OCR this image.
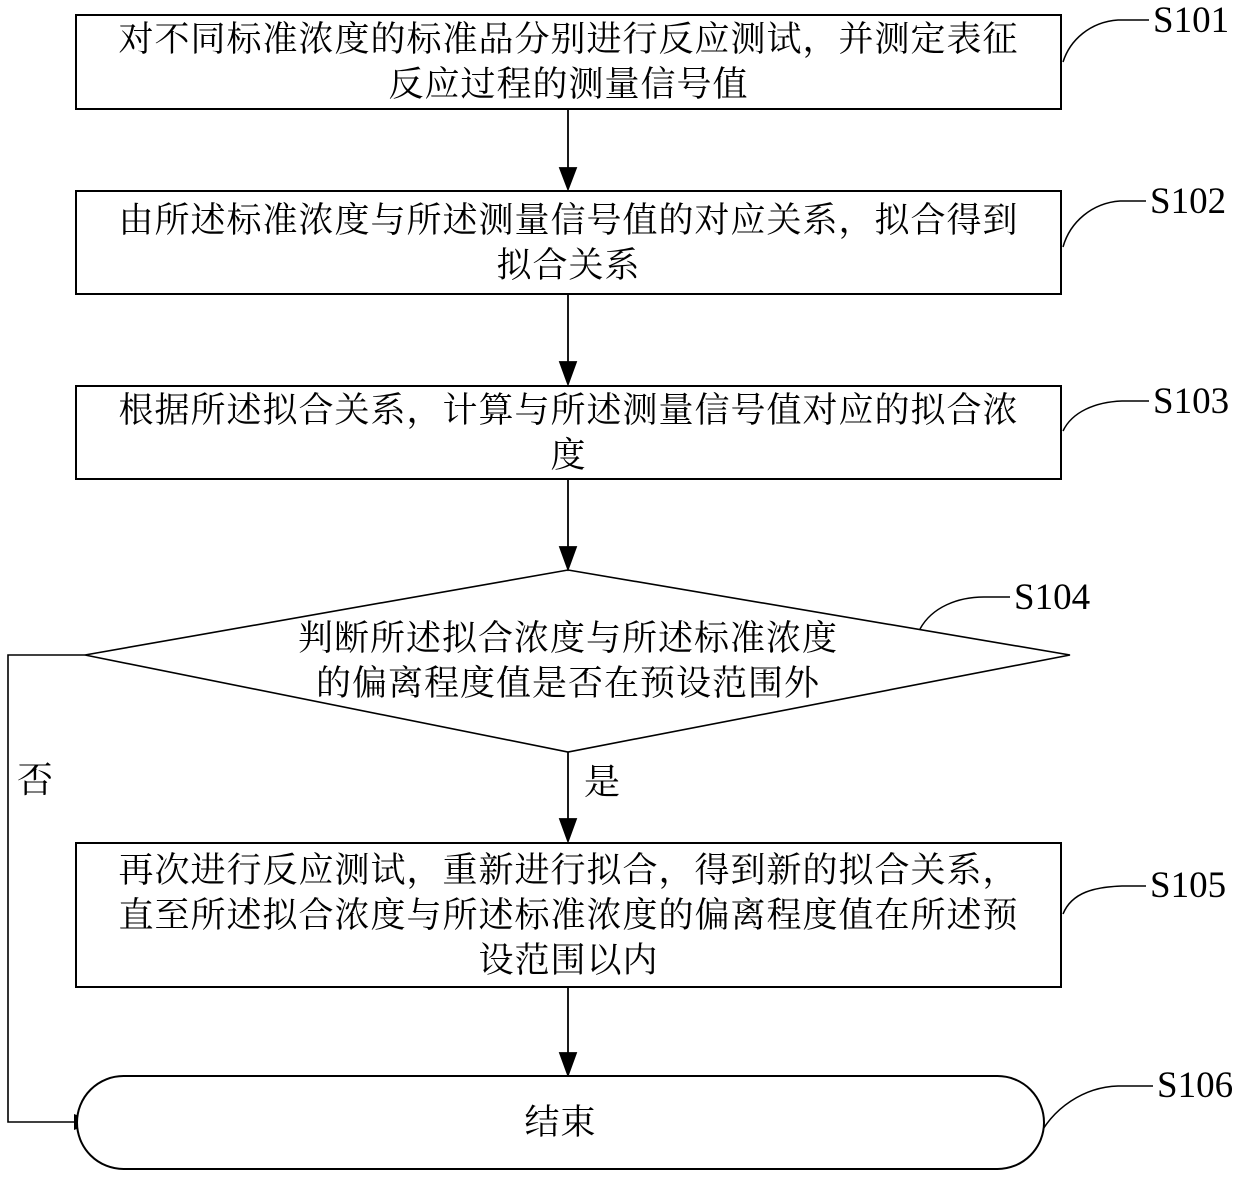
对不同标准浓度的标准品分别进行反应测试，并测定表征
反应过程的测量信号值
由所述标准浓度与所述测量信号值的对应关系，拟合得到
拟合关系
根据所述拟合关系，计算与所述测量信号值对应的拟合浓
度
判断所述拟合浓度与所述标准浓度
的偏离程度值是否在预设范围外
再次进行反应测试，重新进行拟合，得到新的拟合关系，
直至所述拟合浓度与所述标准浓度的偏离程度值在所述预
设范围以内
结束
S101
S102
S103
S104
S105
S106
否	是
